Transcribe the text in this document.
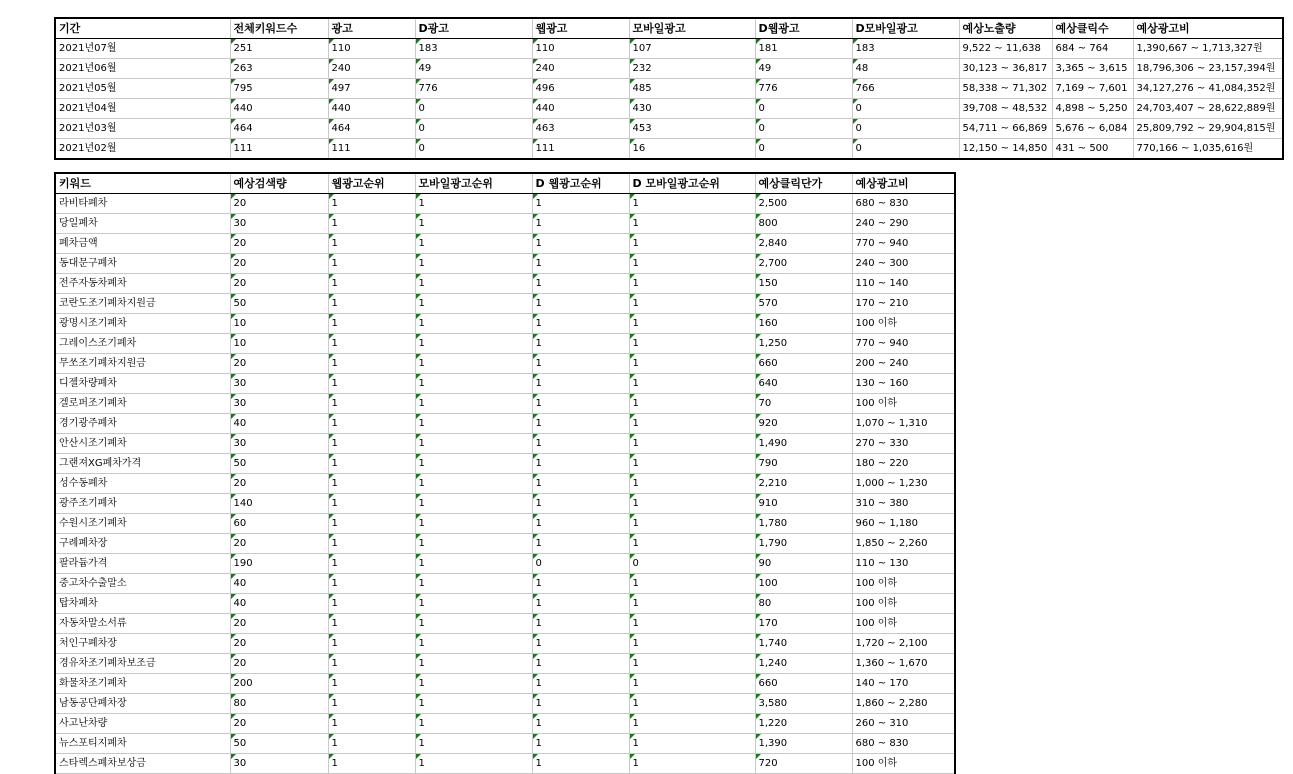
기간	전체키워드수	광고	D광고	웹광고	모바일광고	D웹광고	D모바일광고	예상노출량	예상클릭수	예상광고비
2021년07월	251	110	183	110	107	181	183	9,522 ~ 11,638	684 ~ 764	1,390,667 ~ 1,713,327원
2021년06월	263	240	49	240	232	49	48	30,123 ~ 36,817	3,365 ~ 3,615	18,796,306 ~ 23,157,394원
2021년05월	795	497	776	496	485	776	766	58,338 ~ 71,302	7,169 ~ 7,601	34,127,276 ~ 41,084,352원
2021년04월	440	440	0	440	430	0	0	39,708 ~ 48,532	4,898 ~ 5,250	24,703,407 ~ 28,622,889원
2021년03월	464	464	0	463	453	0	0	54,711 ~ 66,869	5,676 ~ 6,084	25,809,792 ~ 29,904,815원
2021년02월	111	111	0	111	16	0	0	12,150 ~ 14,850	431 ~ 500	770,166 ~ 1,035,616원
키워드	예상검색량	웹광고순위	모바일광고순위	D 웹광고순위	D 모바일광고순위	예상클릭단가	예상광고비
라비타폐차	20	1	1	1	1	2,500	680 ~ 830
당일폐차	30	1	1	1	1	800	240 ~ 290
폐차금액	20	1	1	1	1	2,840	770 ~ 940
동대문구폐차	20	1	1	1	1	2,700	240 ~ 300
전주자동차폐차	20	1	1	1	1	150	110 ~ 140
코란도조기폐차지원금	50	1	1	1	1	570	170 ~ 210
광명시조기폐차	10	1	1	1	1	160	100 이하
그레이스조기폐차	10	1	1	1	1	1,250	770 ~ 940
무쏘조기폐차지원금	20	1	1	1	1	660	200 ~ 240
디젤차량폐차	30	1	1	1	1	640	130 ~ 160
겔로퍼조기폐차	30	1	1	1	1	70	100 이하
경기광주폐차	40	1	1	1	1	920	1,070 ~ 1,310
안산시조기폐차	30	1	1	1	1	1,490	270 ~ 330
그랜져XG폐차가격	50	1	1	1	1	790	180 ~ 220
성수동폐차	20	1	1	1	1	2,210	1,000 ~ 1,230
광주조기폐차	140	1	1	1	1	910	310 ~ 380
수원시조기폐차	60	1	1	1	1	1,780	960 ~ 1,180
구례폐차장	20	1	1	1	1	1,790	1,850 ~ 2,260
팔라듐가격	190	1	1	0	0	90	110 ~ 130
중고차수출말소	40	1	1	1	1	100	100 이하
탑차폐차	40	1	1	1	1	80	100 이하
자동차말소서류	20	1	1	1	1	170	100 이하
처인구폐차장	20	1	1	1	1	1,740	1,720 ~ 2,100
경유차조기폐차보조금	20	1	1	1	1	1,240	1,360 ~ 1,670
화물차조기폐차	200	1	1	1	1	660	140 ~ 170
남동공단폐차장	80	1	1	1	1	3,580	1,860 ~ 2,280
사고난차량	20	1	1	1	1	1,220	260 ~ 310
뉴스포티지폐차	50	1	1	1	1	1,390	680 ~ 830
스타렉스폐차보상금	30	1	1	1	1	720	100 이하
